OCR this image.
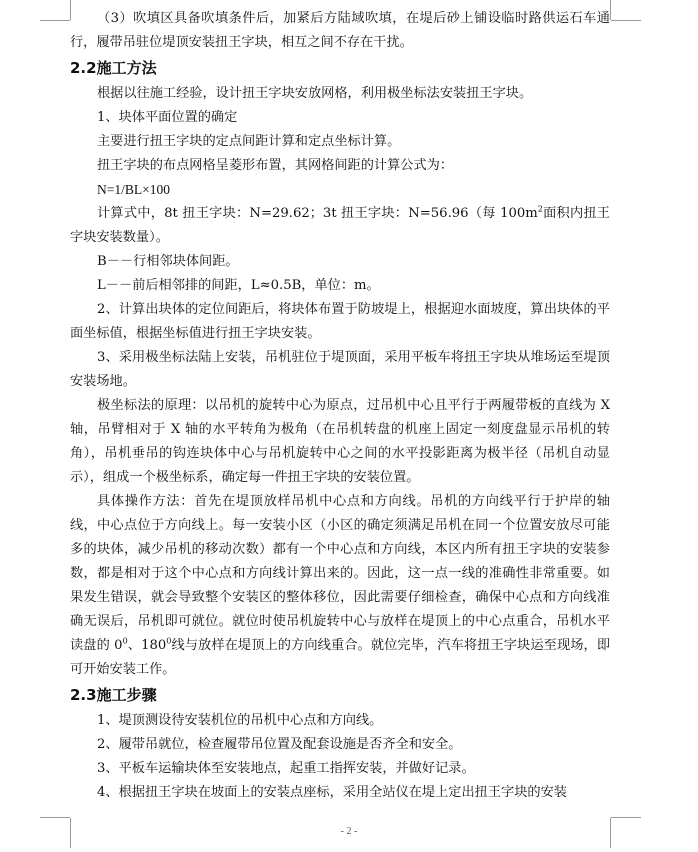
（3）吹填区具备吹填条件后，加紧后方陆域吹填，在堤后砂上铺设临时路供运石车通行，履带吊驻位堤顶安装扭王字块，相互之间不存在干扰。

2.2施工方法

根据以往施工经验，设计扭王字块安放网格，利用极坐标法安装扭王字块。

1、块体平面位置的确定

主要进行扭王字块的定点间距计算和定点坐标计算。

扭王字块的布点网格呈菱形布置，其网格间距的计算公式为：

N=1/BL×100

计算式中，8t 扭王字块：N=29.62；3t 扭王字块：N=56.96（每 $100m^2$面积内扭王字块安装数量）。

B－－行相邻块体间距。

L－－前后相邻排的间距，L≈0.5B，单位：m。

2、计算出块体的定位间距后，将块体布置于防坡堤上，根据迎水面坡度，算出块体的平面坐标值，根据坐标值进行扭王字块安装。

3、采用极坐标法陆上安装，吊机驻位于堤顶面，采用平板车将扭王字块从堆场运至堤顶安装场地。

极坐标法的原理：以吊机的旋转中心为原点，过吊机中心且平行于两履带板的直线为 X 轴，吊臂相对于 X 轴的水平转角为极角（在吊机转盘的机座上固定一刻度盘显示吊机的转角），吊机垂吊的钩连块体中心与吊机旋转中心之间的水平投影距离为极半径（吊机自动显示），组成一个极坐标系，确定每一件扭王字块的安装位置。

具体操作方法：首先在堤顶放样吊机中心点和方向线。吊机的方向线平行于护岸的轴线，中心点位于方向线上。每一安装小区（小区的确定须满足吊机在同一个位置安放尽可能多的块体，减少吊机的移动次数）都有一个中心点和方向线，本区内所有扭王字块的安装参数，都是相对于这个中心点和方向线计算出来的。因此，这一点一线的准确性非常重要。如果发生错误，就会导致整个安装区的整体移位，因此需要仔细检查，确保中心点和方向线准确无误后，吊机即可就位。就位时使吊机旋转中心与放样在堤顶上的中心点重合，吊机水平读盘的 $0^0$、$180^0$线与放样在堤顶上的方向线重合。就位完毕，汽车将扭王字块运至现场，即可开始安装工作。

2.3施工步骤

1、堤顶测设待安装机位的吊机中心点和方向线。

2、履带吊就位，检查履带吊位置及配套设施是否齐全和安全。

3、平板车运输块体至安装地点，起重工指挥安装，并做好记录。

4、根据扭王字块在坡面上的安装点座标，采用全站仪在堤上定出扭王字块的安装

- 2 -
